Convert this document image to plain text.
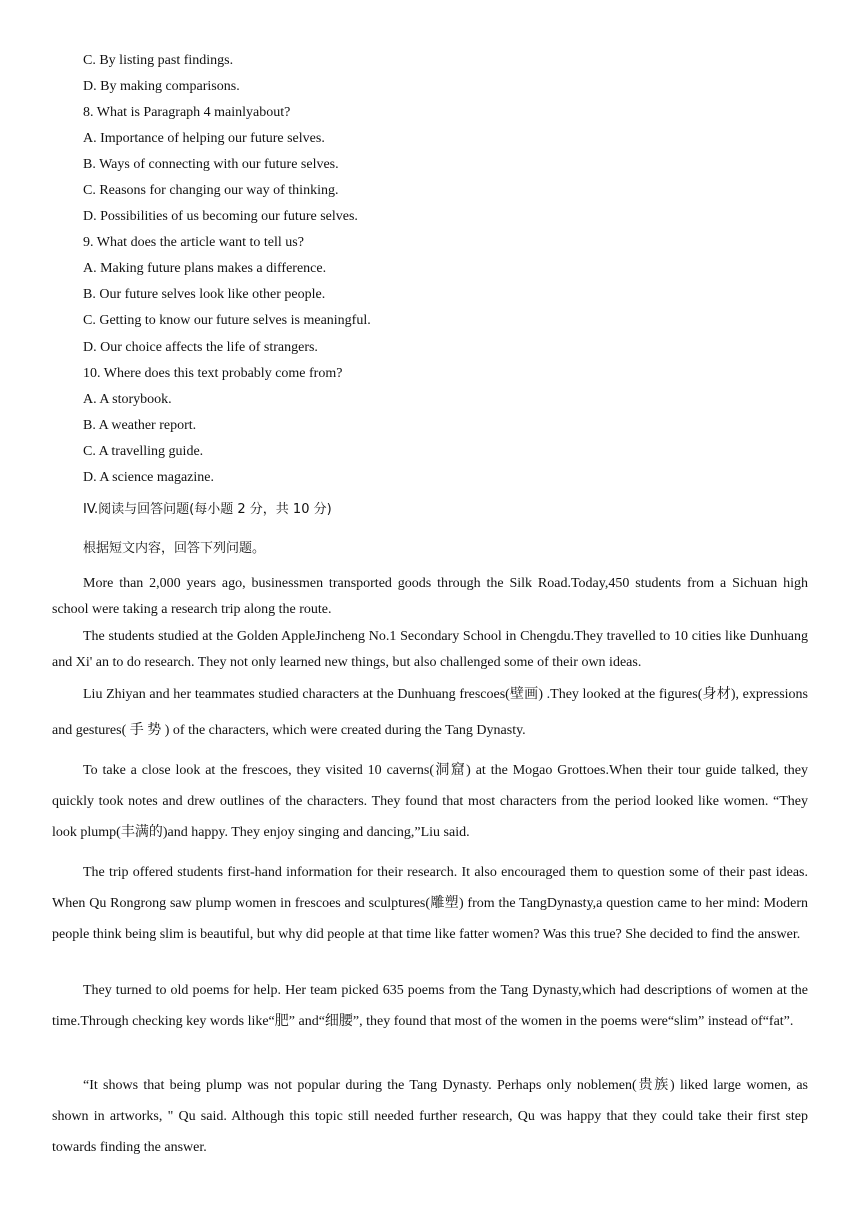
C. By listing past findings.
D. By making comparisons.
8. What is Paragraph 4 mainlyabout?
A. Importance of helping our future selves.
B. Ways of connecting with our future selves.
C. Reasons for changing our way of thinking.
D. Possibilities of us becoming our future selves.
9. What does the article want to tell us?
A. Making future plans makes a difference.
B. Our future selves look like other people.
C. Getting to know our future selves is meaningful.
D. Our choice affects the life of strangers.
10. Where does this text probably come from?
A. A storybook.
B. A weather report.
C. A travelling guide.
D. A science magazine.
IV.阅读与回答问题(每小题 2 分，共 10 分)
根据短文内容，回答下列问题。
More than 2,000 years ago, businessmen transported goods through the Silk Road.Today,450 students from a Sichuan high school were taking a research trip along the route.
The students studied at the Golden AppleJincheng No.1 Secondary School in Chengdu.They travelled to 10 cities like Dunhuang and Xi' an to do research. They not only learned new things, but also challenged some of their own ideas.
Liu Zhiyan and her teammates studied characters at the Dunhuang frescoes(壁画) .They looked at the figures(身材), expressions and gestures( 手 势 ) of the characters, which were created during the Tang Dynasty.
To take a close look at the frescoes, they visited 10 caverns(洞窟) at the Mogao Grottoes.When their tour guide talked, they quickly took notes and drew outlines of the characters. They found that most characters from the period looked like women. “They look plump(丰满的)and happy. They enjoy singing and dancing,”Liu said.
The trip offered students first-hand information for their research. It also encouraged them to question some of their past ideas. When Qu Rongrong saw plump women in frescoes and sculptures(雕塑) from the TangDynasty,a question came to her mind: Modern people think being slim is beautiful, but why did people at that time like fatter women? Was this true? She decided to find the answer.
They turned to old poems for help. Her team picked 635 poems from the Tang Dynasty,which had descriptions of women at the time.Through checking key words like“肥” and“细腰”, they found that most of the women in the poems were“slim” instead of“fat”.
“It shows that being plump was not popular during the Tang Dynasty. Perhaps only noblemen(贵族) liked large women, as shown in artworks, " Qu said. Although this topic still needed further research, Qu was happy that they could take their first step towards finding the answer.
